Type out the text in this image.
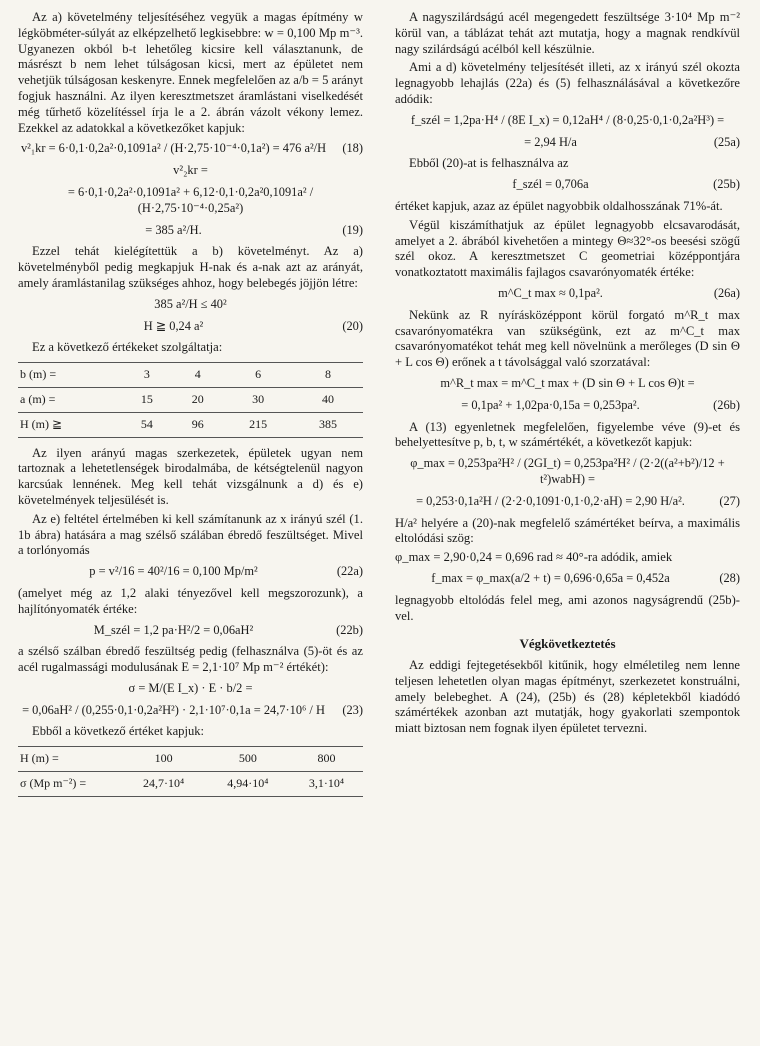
Az a) követelmény teljesítéséhez vegyük a magas építmény w légköbméter-súlyát az elképzelhető legkisebbre: w = 0,100 Mp m⁻³. Ugyanezen okból b-t lehetőleg kicsire kell választanunk, de másrészt b nem lehet túlságosan kicsi, mert az épületet nem vehetjük túlságosan keskenyre. Ennek megfelelően az a/b = 5 arányt fogjuk használni. Az ilyen keresztmetszet áramlástani viselkedését még tűrhető közelítéssel írja le a 2. ábrán vázolt vékony lemez. Ezekkel az adatokkal a következőket kapjuk:

v²₁kr = 6·0,1·0,2a²·0,1091a² / (H·2,75·10⁻⁴·0,1a²) = 476 a²/H	(18)
v²₂kr =
= 6·0,1·0,2a²·0,1091a² + 6,12·0,1·0,2a²0,1091a² / (H·2,75·10⁻⁴·0,25a²)
= 385 a²/H.	(19)

Ezzel tehát kielégítettük a b) követelményt. Az a) követelményből pedig megkapjuk H-nak és a-nak azt az arányát, amely áramlástanilag szükséges ahhoz, hogy belebegés jöjjön létre:

385 a²/H ≤ 40²
H ≧ 0,24 a²	(20)

Ez a következő értékeket szolgáltatja:

b (m) =	3	4	6	8
a (m) =	15	20	30	40
H (m) ≧	54	96	215	385

Az ilyen arányú magas szerkezetek, épületek ugyan nem tartoznak a lehetetlenségek birodalmába, de kétségtelenül nagyon karcsúak lennének. Meg kell tehát vizsgálnunk a d) és e) követelmények teljesülését is.

Az e) feltétel értelmében ki kell számítanunk az x irányú szél (1. 1b ábra) hatására a mag szélső szálában ébredő feszültséget. Mivel a torlónyomás

p = v²/16 = 40²/16 = 0,100 Mp/m²	(22a)

(amelyet még az 1,2 alaki tényezővel kell megszorozunk), a hajlítónyomaték értéke:

M_szél = 1,2 pa·H²/2 = 0,06aH²	(22b)

a szélső szálban ébredő feszültség pedig (felhasználva (5)-öt és az acél rugalmassági modulusának E = 2,1·10⁷ Mp m⁻² értékét):

σ = M/(E I_x) · E · b/2 =
= 0,06aH² / (0,255·0,1·0,2a²H²) · 2,1·10⁷·0,1a = 24,7·10⁶ / H	(23)

Ebből a következő értéket kapjuk:

H (m) =	100	500	800
σ (Mp m⁻²) =	24,7·10⁴	4,94·10⁴	3,1·10⁴

A nagyszilárdságú acél megengedett feszültsége 3·10⁴ Mp m⁻² körül van, a táblázat tehát azt mutatja, hogy a magnak rendkívül nagy szilárdságú acélból kell készülnie.

Ami a d) követelmény teljesítését illeti, az x irányú szél okozta legnagyobb lehajlás (22a) és (5) felhasználásával a következőre adódik:

f_szél = 1,2pa·H⁴ / (8E I_x) = 0,12aH⁴ / (8·0,25·0,1·0,2a²H³) =
= 2,94 H/a	(25a)

Ebből (20)-at is felhasználva az

f_szél = 0,706a	(25b)

értéket kapjuk, azaz az épület nagyobbik oldalhosszának 71%-át.

Végül kiszámíthatjuk az épület legnagyobb elcsavarodását, amelyet a 2. ábrából kivehetően a mintegy Θ≈32°-os beesési szögű szél okoz. A keresztmetszet C geometriai középpontjára vonatkoztatott maximális fajlagos csavarónyomaték értéke:

m^C_t max ≈ 0,1pa².	(26a)

Nekünk az R nyírásközéppont körül forgató m^R_t max csavarónyomatékra van szükségünk, ezt az m^C_t max csavarónyomatékot tehát meg kell növelnünk a merőleges (D sin Θ + L cos Θ) erőnek a t távolsággal való szorzatával:

m^R_t max = m^C_t max + (D sin Θ + L cos Θ)t =
= 0,1pa² + 1,02pa·0,15a = 0,253pa².	(26b)

A (13) egyenletnek megfelelően, figyelembe véve (9)-et és behelyettesítve p, b, t, w számértékét, a következőt kapjuk:

φ_max = 0,253pa²H² / (2GI_t) = 0,253pa²H² / (2·2((a²+b²)/12 + t²)wabH) =
= 0,253·0,1a²H / (2·2·0,1091·0,1·0,2·aH) = 2,90 H/a².	(27)

H/a² helyére a (20)-nak megfelelő számértéket beírva, a maximális eltolódási szög:

φ_max = 2,90·0,24 = 0,696 rad ≈ 40°-ra adódik, amiek

f_max = φ_max(a/2 + t) = 0,696·0,65a = 0,452a	(28)

legnagyobb eltolódás felel meg, ami azonos nagyságrendű (25b)-vel.

Végkövetkeztetés

Az eddigi fejtegetésekből kitűnik, hogy elméletileg nem lenne teljesen lehetetlen olyan magas építményt, szerkezetet konstruálni, amely belebeghet. A (24), (25b) és (28) képletekből kiadódó számértékek azonban azt mutatják, hogy gyakorlati szempontok miatt biztosan nem fognak ilyen épületet tervezni.
